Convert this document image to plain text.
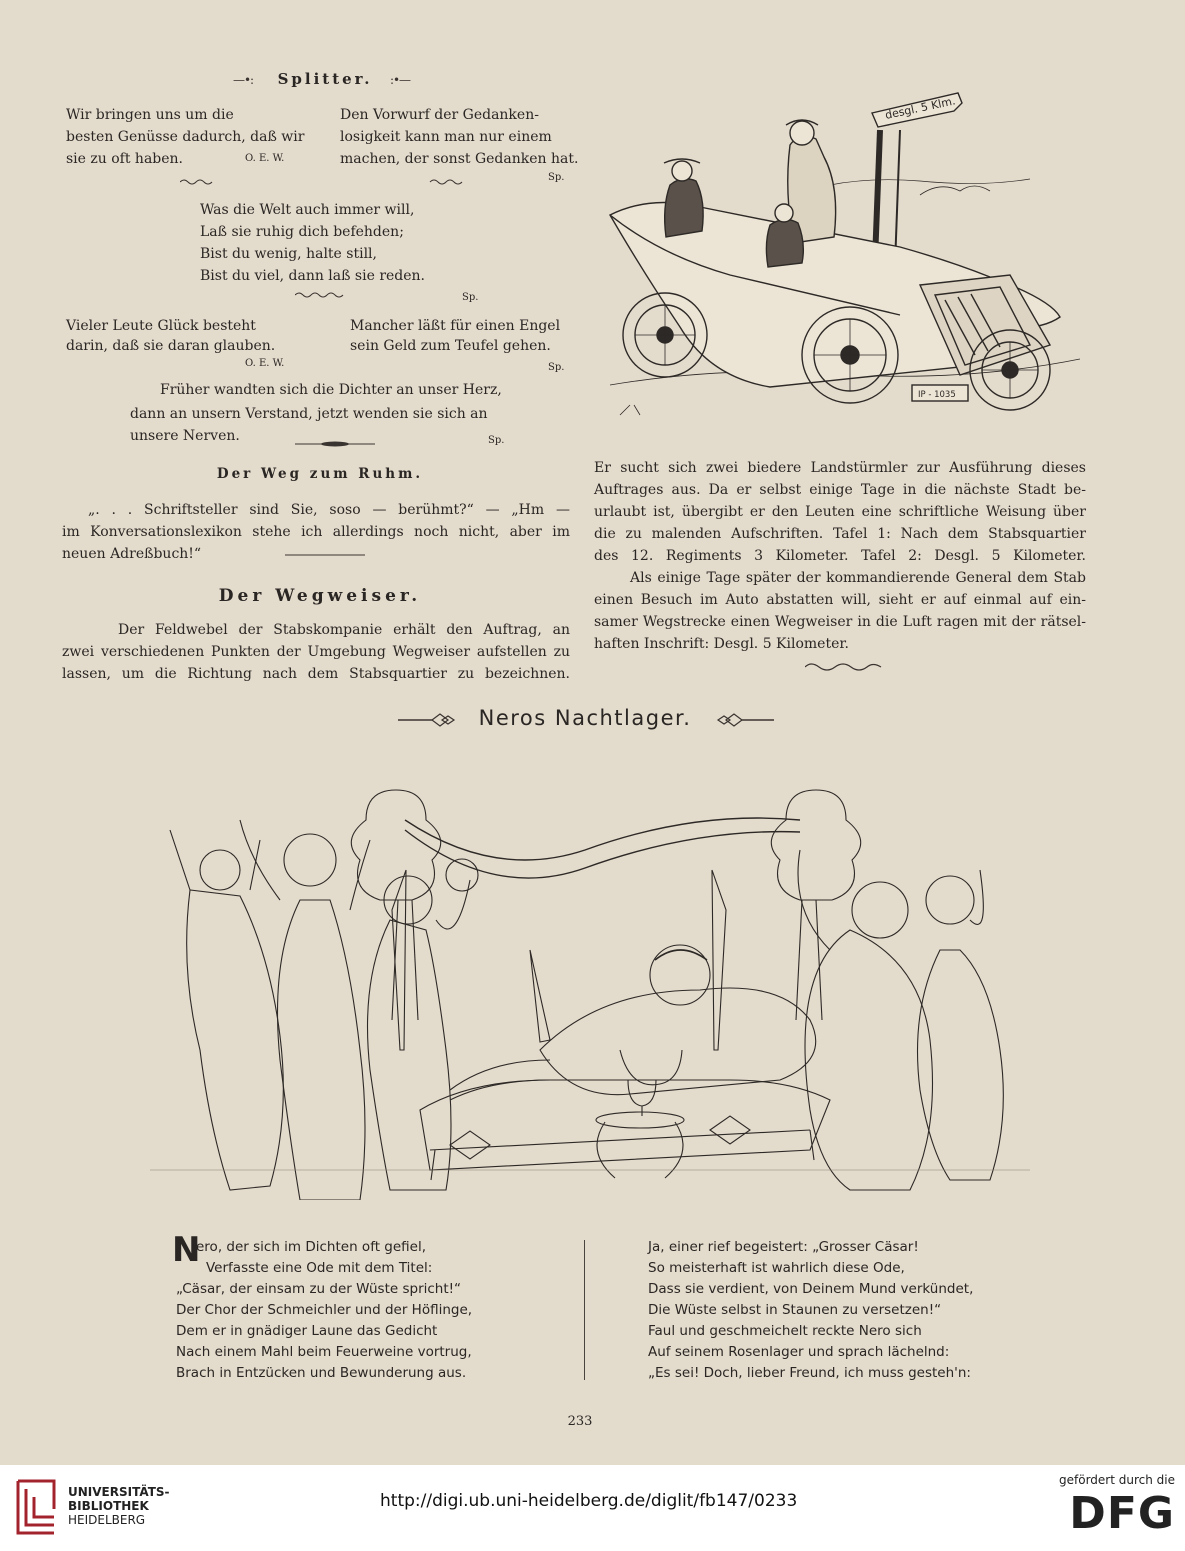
—•:	Splitter.	:•—
Wir bringen uns um die
besten Genüsse dadurch, daß wir
sie zu oft haben.	O. E. W.
Den Vorwurf der Gedanken-
losigkeit kann man nur einem
machen, der sonst Gedanken hat.
Sp.
Was die Welt auch immer will,
Laß sie ruhig dich befehden;
Bist du wenig, halte still,
Bist du viel, dann laß sie reden.
Sp.
Vieler Leute Glück besteht
darin, daß sie daran glauben.
O. E. W.
Mancher läßt für einen Engel
sein Geld zum Teufel gehen.
Sp.
Früher wandten sich die Dichter an unser Herz,
dann an unsern Verstand, jetzt wenden sie sich an
unsere Nerven.	Sp.
Der Weg zum Ruhm.
„. . . Schriftsteller sind Sie, soso — berühmt?“ — „Hm —
im Konversationslexikon stehe ich allerdings noch nicht, aber im
neuen Adreßbuch!“
Der Wegweiser.
Der Feldwebel der Stabskompanie erhält den Auftrag, an
zwei verschiedenen Punkten der Umgebung Wegweiser aufstellen zu
lassen, um die Richtung nach dem Stabsquartier zu bezeichnen.
Er sucht sich zwei biedere Landstürmler zur Ausführung dieses
Auftrages aus. Da er selbst einige Tage in die nächste Stadt be-
urlaubt ist, übergibt er den Leuten eine schriftliche Weisung über
die zu malenden Aufschriften. Tafel 1: Nach dem Stabsquartier
des 12. Regiments 3 Kilometer. Tafel 2: Desgl. 5 Kilometer.
Als einige Tage später der kommandierende General dem Stab
einen Besuch im Auto abstatten will, sieht er auf einmal auf ein-
samer Wegstrecke einen Wegweiser in die Luft ragen mit der rätsel-
haften Inschrift: Desgl. 5 Kilometer.
desgl. 5 Klm.
IP - 1035
Neros Nachtlager.
N
ero, der sich im Dichten oft gefiel,
Verfasste eine Ode mit dem Titel:
„Cäsar, der einsam zu der Wüste spricht!“
Der Chor der Schmeichler und der Höflinge,
Dem er in gnädiger Laune das Gedicht
Nach einem Mahl beim Feuerweine vortrug,
Brach in Entzücken und Bewunderung aus.
Ja, einer rief begeistert: „Grosser Cäsar!
So meisterhaft ist wahrlich diese Ode,
Dass sie verdient, von Deinem Mund verkündet,
Die Wüste selbst in Staunen zu versetzen!“
Faul und geschmeichelt reckte Nero sich
Auf seinem Rosenlager und sprach lächelnd:
„Es sei! Doch, lieber Freund, ich muss gesteh'n:
233
UNIVERSITÄTS-
BIBLIOTHEK
HEIDELBERG
http://digi.ub.uni-heidelberg.de/diglit/fb147/0233
gefördert durch die
DFG
